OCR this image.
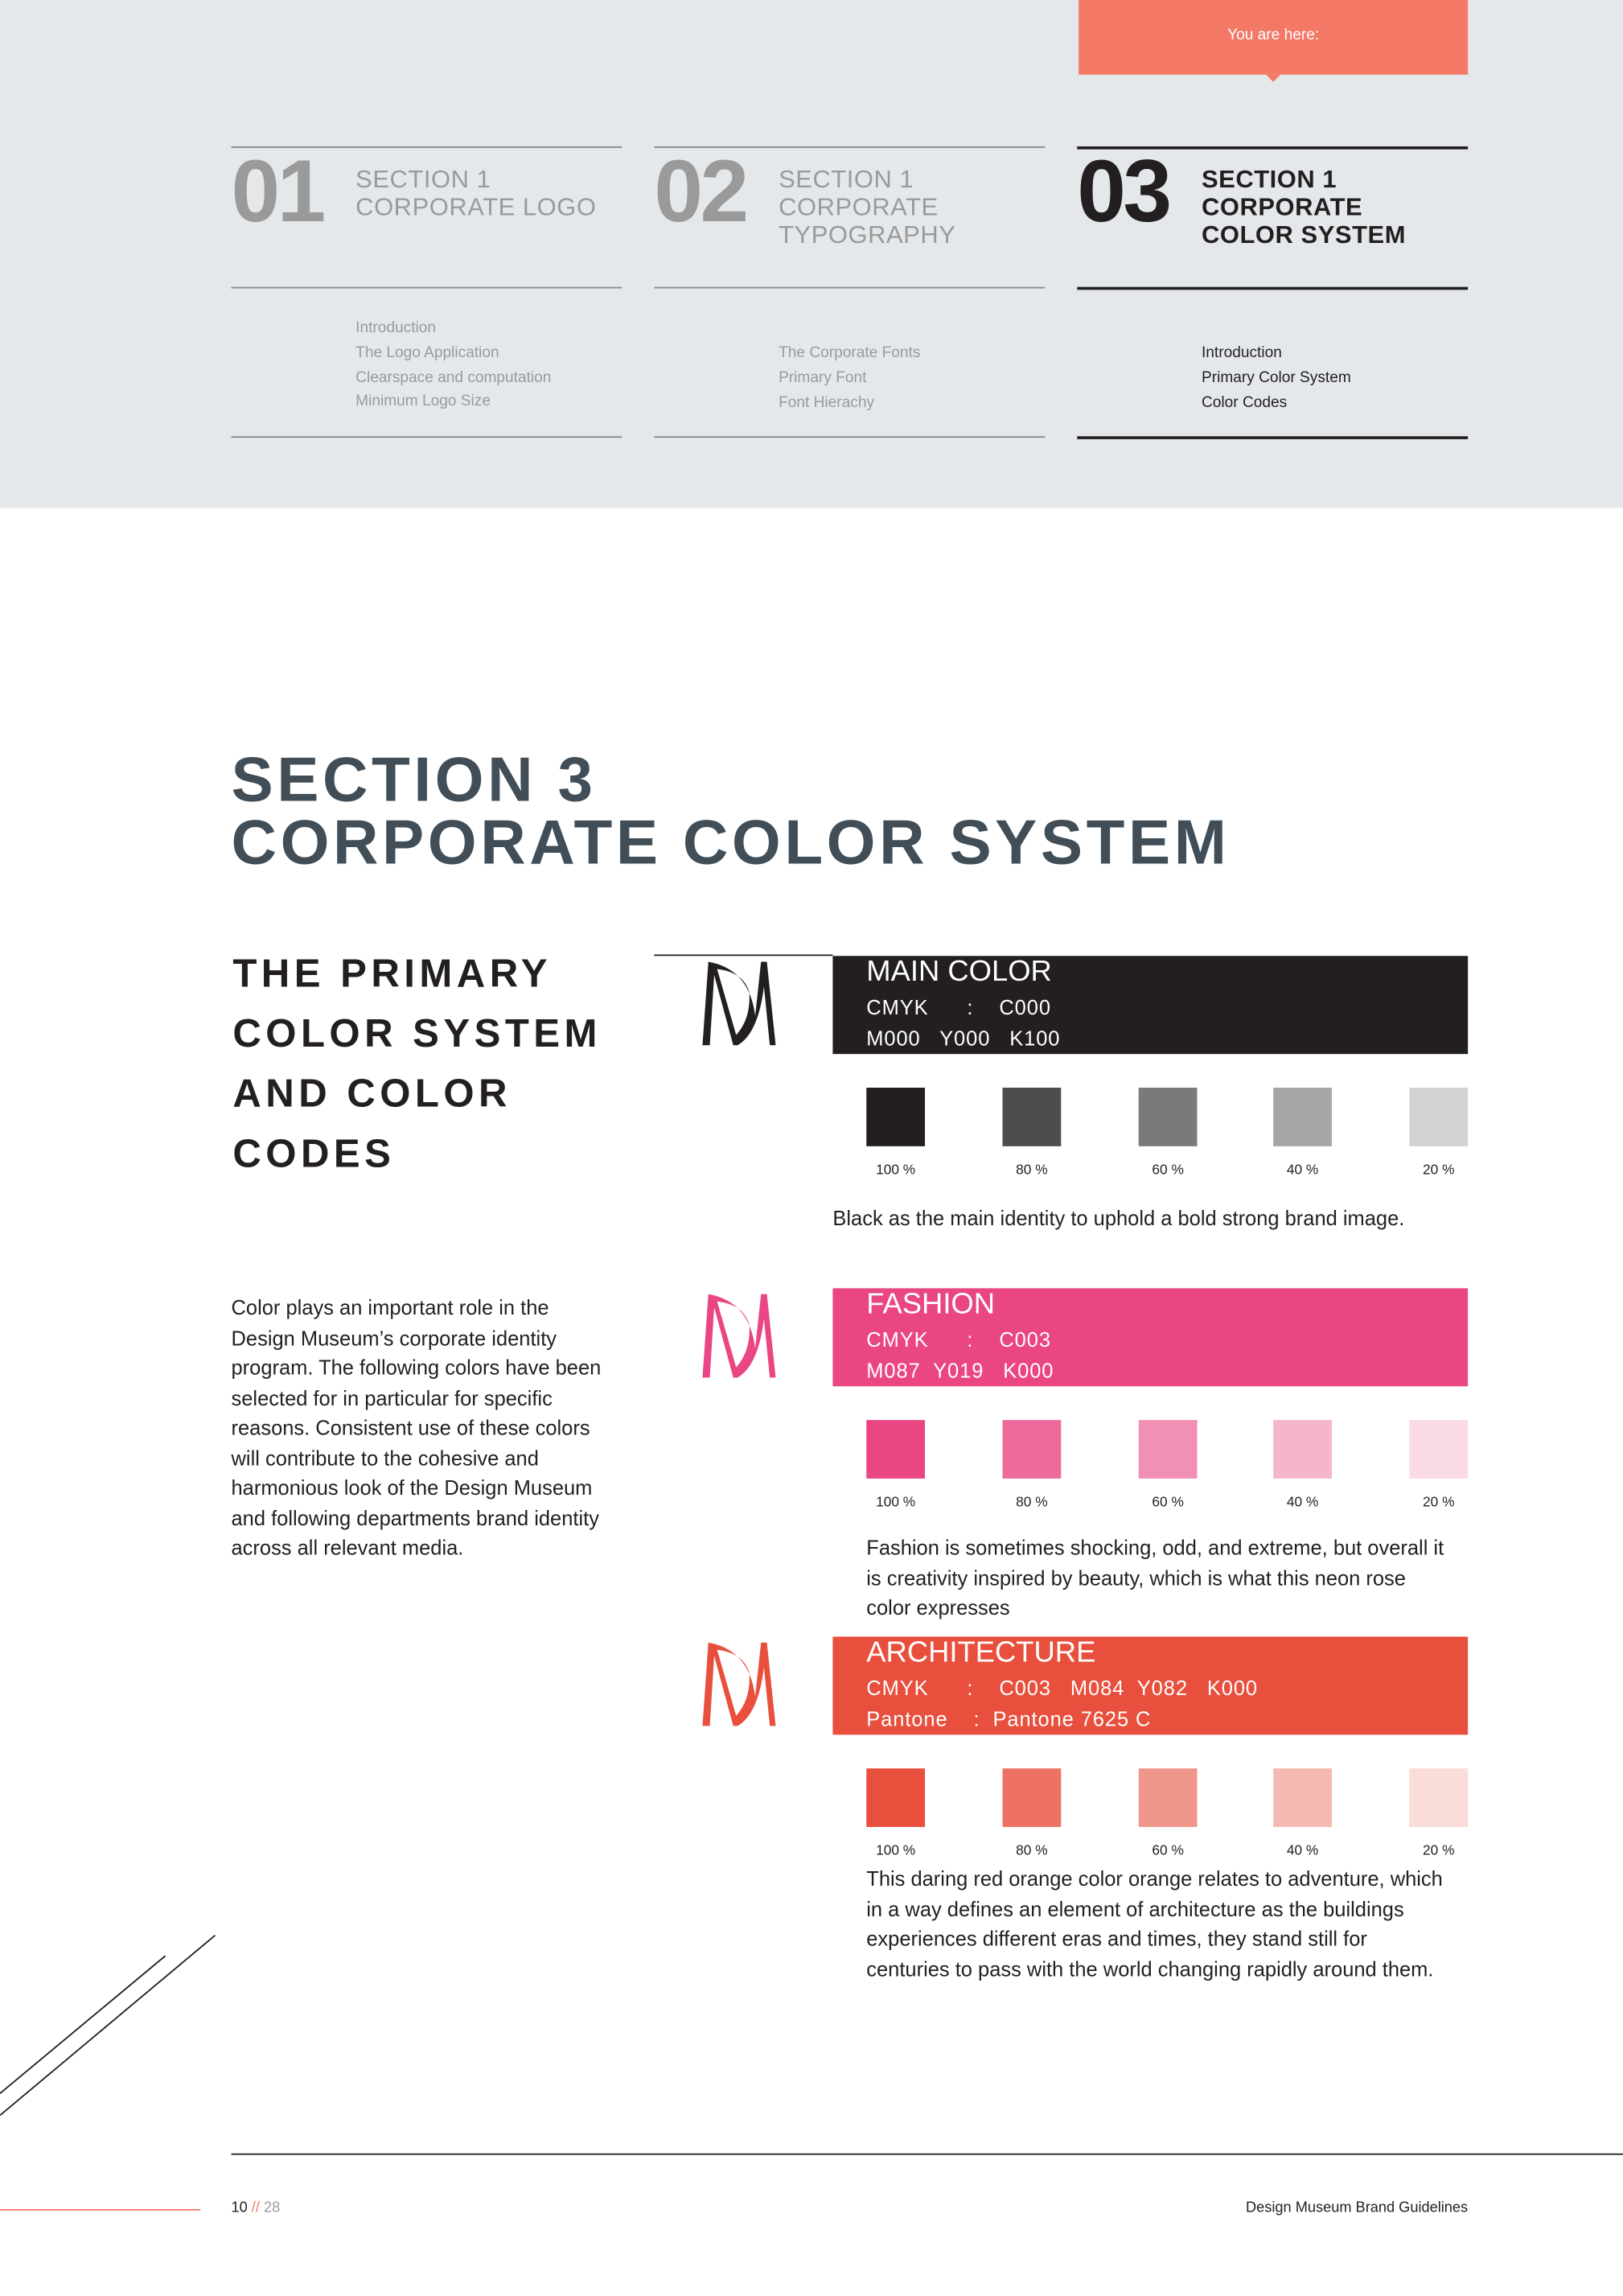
You are here:
01 SECTION 1
CORPORATE LOGO
Introduction
The Logo Application
Clearspace and computation
Minimum Logo Size
02 SECTION 1
CORPORATE
TYPOGRAPHY
The Corporate Fonts
Primary Font
Font Hierachy
03 SECTION 1
CORPORATE
COLOR SYSTEM
Introduction
Primary Color System
Color Codes
SECTION 3
CORPORATE COLOR SYSTEM
THE PRIMARY COLOR SYSTEM AND COLOR CODES
Color plays an important role in the Design Museum’s corporate identity program. The following colors have been selected for in particular for specific reasons. Consistent use of these colors will contribute to the cohesive and harmonious look of the Design Museum and following departments brand identity across all relevant media.
MAIN COLOR
CMYK      :    C000
M000   Y000   K100
100 %	80 %	60 %	40 %	20 %
Black as the main identity to uphold a bold strong brand image.
FASHION
CMYK      :    C003
M087  Y019   K000
100 %	80 %	60 %	40 %	20 %
Fashion is sometimes shocking, odd, and extreme, but overall it is creativity inspired by beauty, which is what this neon rose color expresses
ARCHITECTURE
CMYK      :    C003   M084  Y082   K000
Pantone    :  Pantone 7625 C
100 %	80 %	60 %	40 %	20 %
This daring red orange color orange relates to adventure, which in a way defines an element of architecture as the buildings experiences different eras and times, they stand still for centuries to pass with the world changing rapidly around them.
10 // 28	Design Museum Brand Guidelines
